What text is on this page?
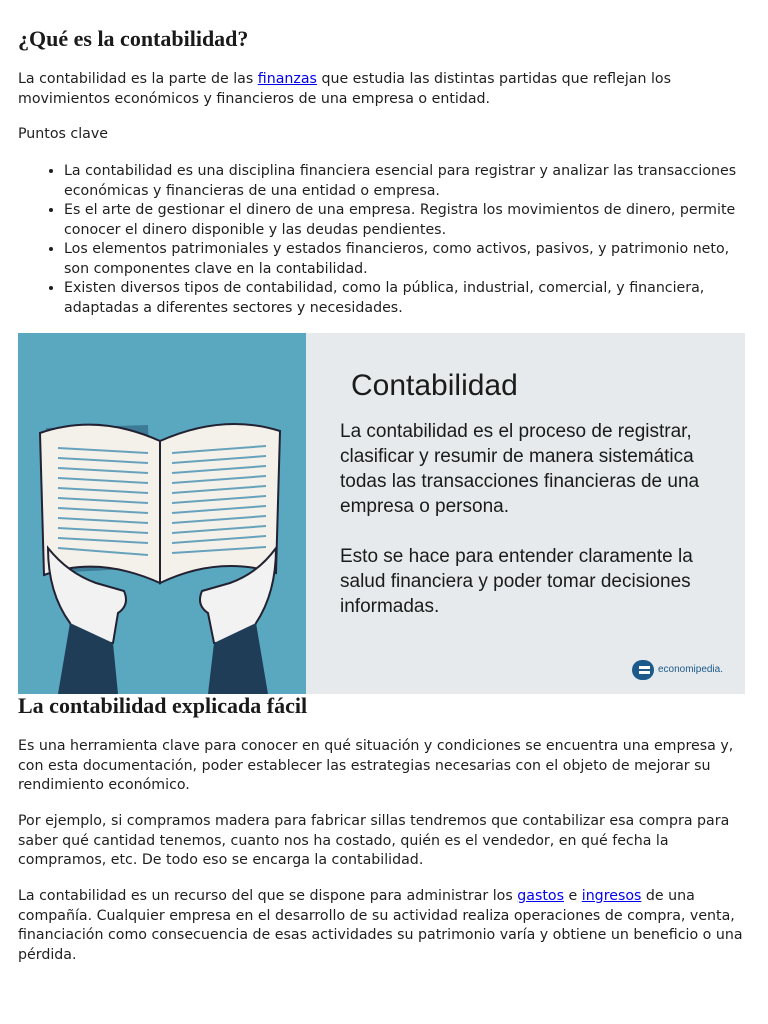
¿Qué es la contabilidad?

La contabilidad es la parte de las finanzas que estudia las distintas partidas que reflejan los movimientos económicos y financieros de una empresa o entidad.

Puntos clave

• La contabilidad es una disciplina financiera esencial para registrar y analizar las transacciones económicas y financieras de una entidad o empresa.
• Es el arte de gestionar el dinero de una empresa. Registra los movimientos de dinero, permite conocer el dinero disponible y las deudas pendientes.
• Los elementos patrimoniales y estados financieros, como activos, pasivos, y patrimonio neto, son componentes clave en la contabilidad.
• Existen diversos tipos de contabilidad, como la pública, industrial, comercial, y financiera, adaptadas a diferentes sectores y necesidades.
Contabilidad
La contabilidad es el proceso de registrar, clasificar y resumir de manera sistemática todas las transacciones financieras de una empresa o persona.
Esto se hace para entender claramente la salud financiera y poder tomar decisiones informadas.
economipedia.
La contabilidad explicada fácil

Es una herramienta clave para conocer en qué situación y condiciones se encuentra una empresa y, con esta documentación, poder establecer las estrategias necesarias con el objeto de mejorar su rendimiento económico.

Por ejemplo, si compramos madera para fabricar sillas tendremos que contabilizar esa compra para saber qué cantidad tenemos, cuanto nos ha costado, quién es el vendedor, en qué fecha la compramos, etc. De todo eso se encarga la contabilidad.

La contabilidad es un recurso del que se dispone para administrar los gastos e ingresos de una compañía. Cualquier empresa en el desarrollo de su actividad realiza operaciones de compra, venta, financiación como consecuencia de esas actividades su patrimonio varía y obtiene un beneficio o una pérdida.
